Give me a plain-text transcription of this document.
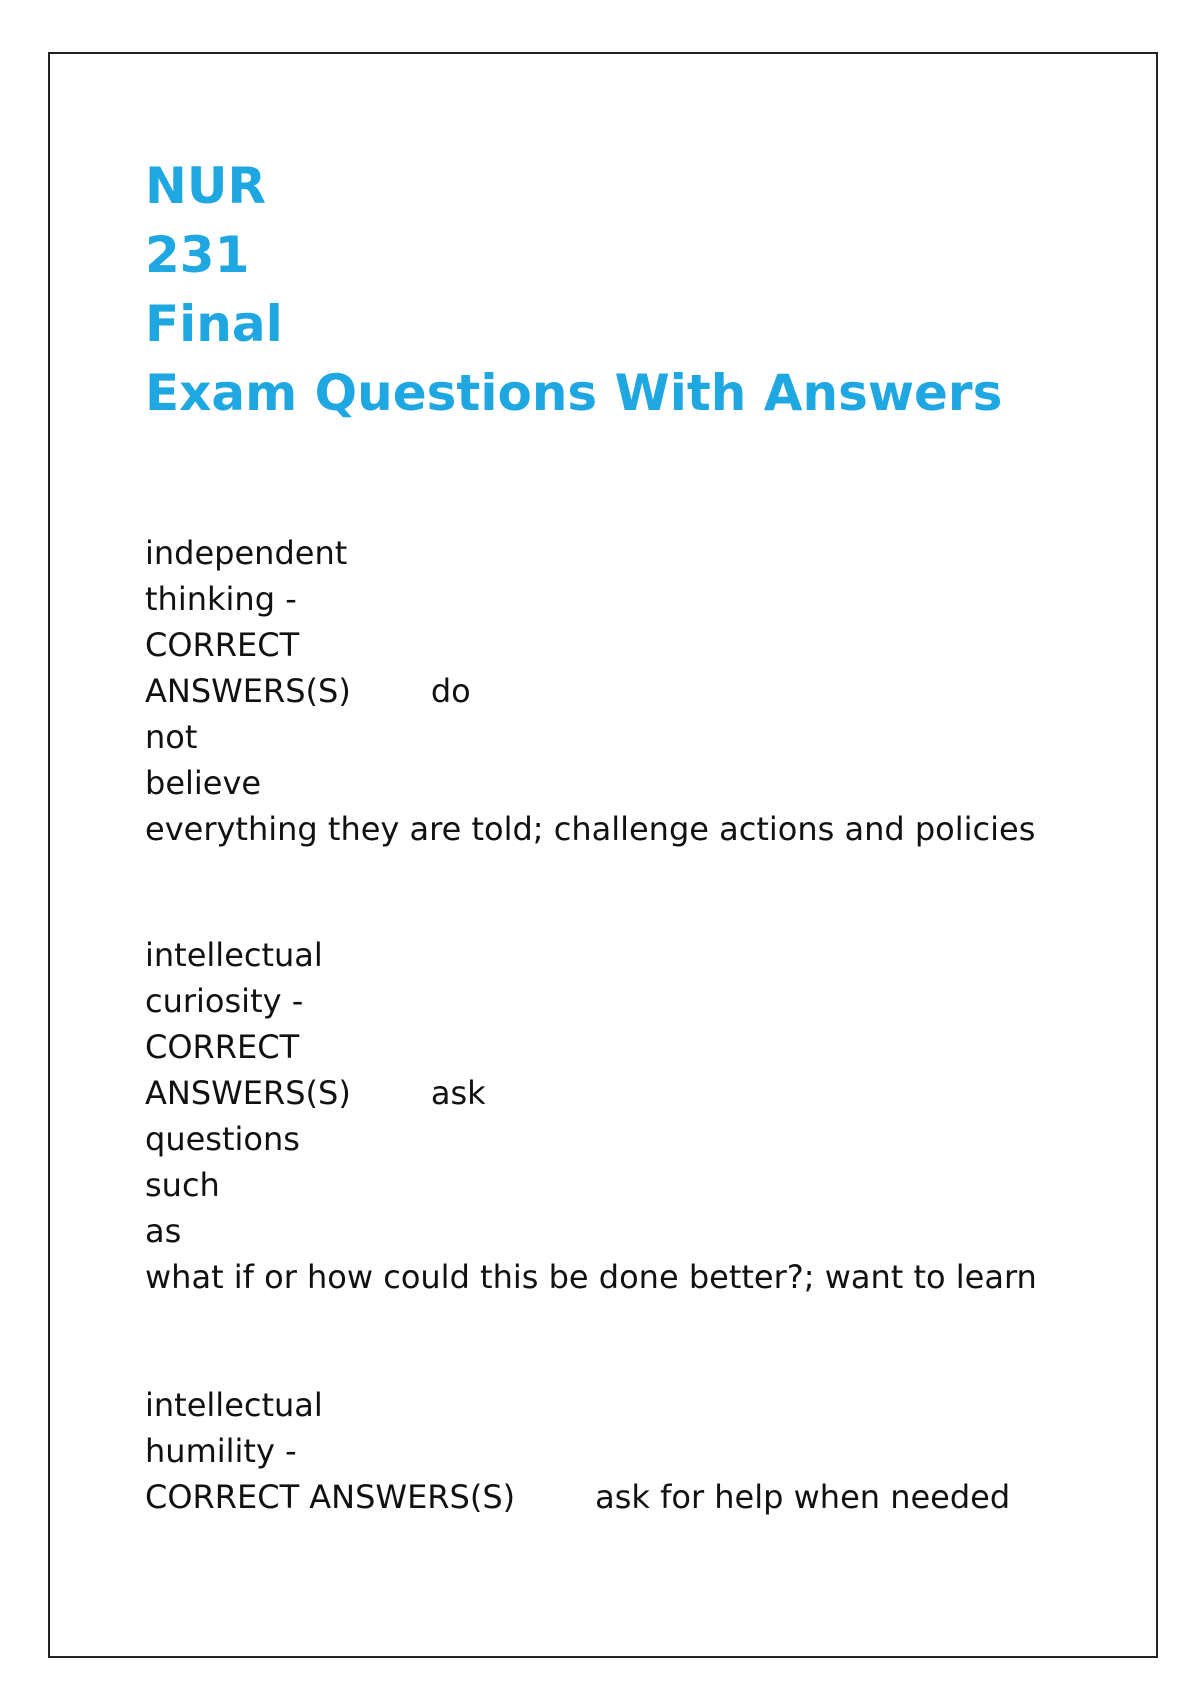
NUR
231
Final
Exam Questions With Answers
independent
thinking -
CORRECT
ANSWERS(S)	do
not
believe
everything they are told; challenge actions and policies
intellectual
curiosity -
CORRECT
ANSWERS(S)	ask
questions
such
as
what if or how could this be done better?; want to learn
intellectual
humility -
CORRECT ANSWERS(S)	ask for help when needed
